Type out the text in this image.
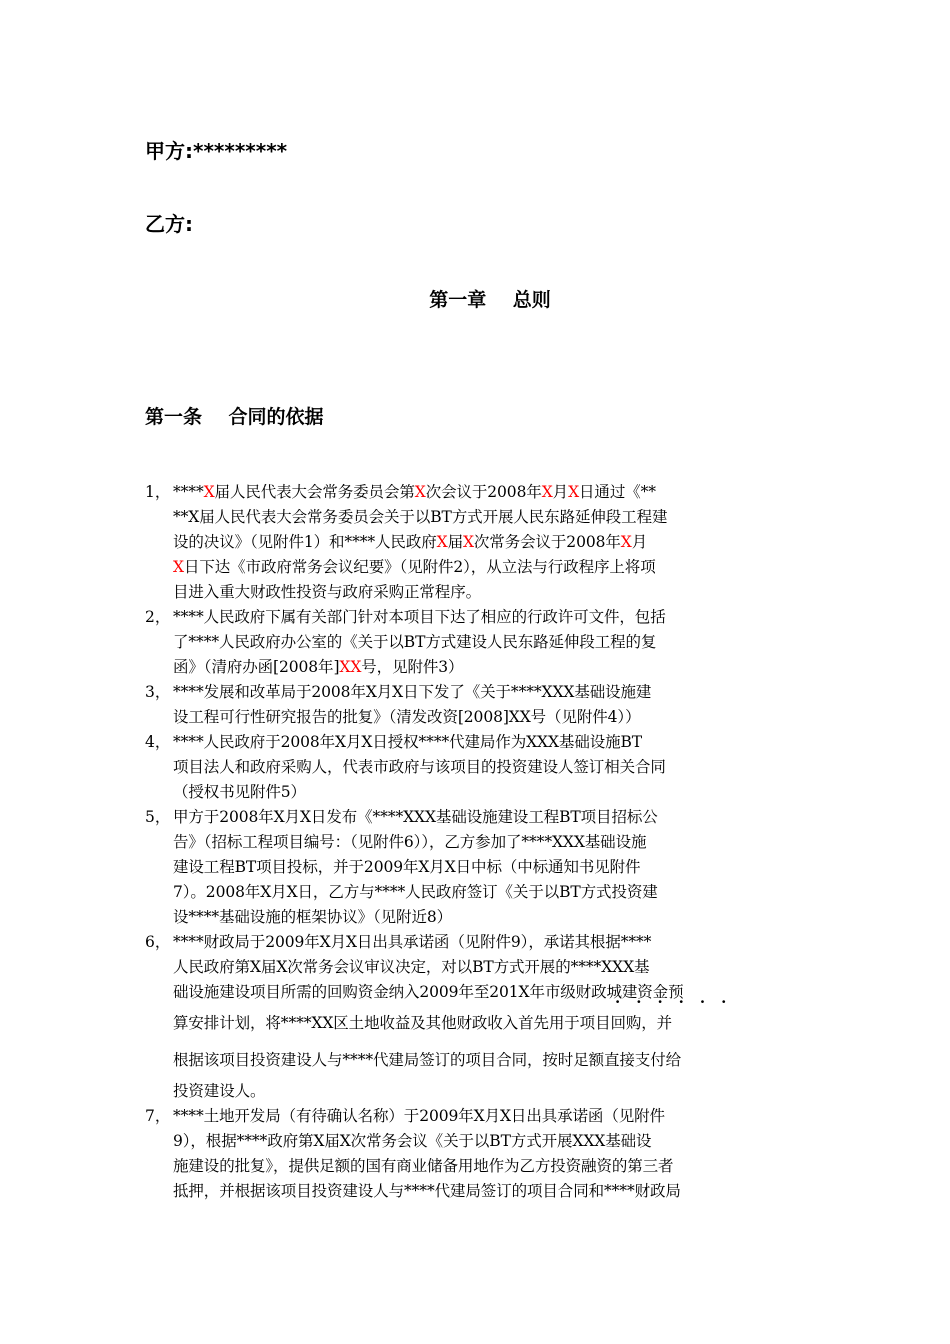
甲方:*********
乙方:
第一章    总则
第一条    合同的依据
1， ****X届人民代表大会常务委员会第X次会议于2008年X月X日通过《**
**X届人民代表大会常务委员会关于以BT方式开展人民东路延伸段工程建
设的决议》（见附件1）和****人民政府X届X次常务会议于2008年X月
X日下达《市政府常务会议纪要》（见附件2），从立法与行政程序上将项
目进入重大财政性投资与政府采购正常程序。
2， ****人民政府下属有关部门针对本项目下达了相应的行政许可文件，包括
了****人民政府办公室的《关于以BT方式建设人民东路延伸段工程的复
函》（清府办函[2008年]XX号，见附件3）
3， ****发展和改革局于2008年X月X日下发了《关于****XXX基础设施建
设工程可行性研究报告的批复》（清发改资[2008]XX号（见附件4））
4， ****人民政府于2008年X月X日授权****代建局作为XXX基础设施BT
项目法人和政府采购人，代表市政府与该项目的投资建设人签订相关合同
（授权书见附件5）
5， 甲方于2008年X月X日发布《****XXX基础设施建设工程BT项目招标公
告》（招标工程项目编号：（见附件6）），乙方参加了****XXX基础设施
建设工程BT项目投标，并于2009年X月X日中标（中标通知书见附件
7）。2008年X月X日，乙方与****人民政府签订《关于以BT方式投资建
设****基础设施的框架协议》（见附近8）
6， ****财政局于2009年X月X日出具承诺函（见附件9），承诺其根据****
人民政府第X届X次常务会议审议决定，对以BT方式开展的****XXX基
础设施建设项目所需的回购资金纳入2009年至201X年市级财政城建资金预
······
算安排计划，将****XX区土地收益及其他财政收入首先用于项目回购，并
根据该项目投资建设人与****代建局签订的项目合同，按时足额直接支付给
投资建设人。
7， ****土地开发局（有待确认名称）于2009年X月X日出具承诺函（见附件
9），根据****政府第X届X次常务会议《关于以BT方式开展XXX基础设
施建设的批复》，提供足额的国有商业储备用地作为乙方投资融资的第三者
抵押，并根据该项目投资建设人与****代建局签订的项目合同和****财政局
